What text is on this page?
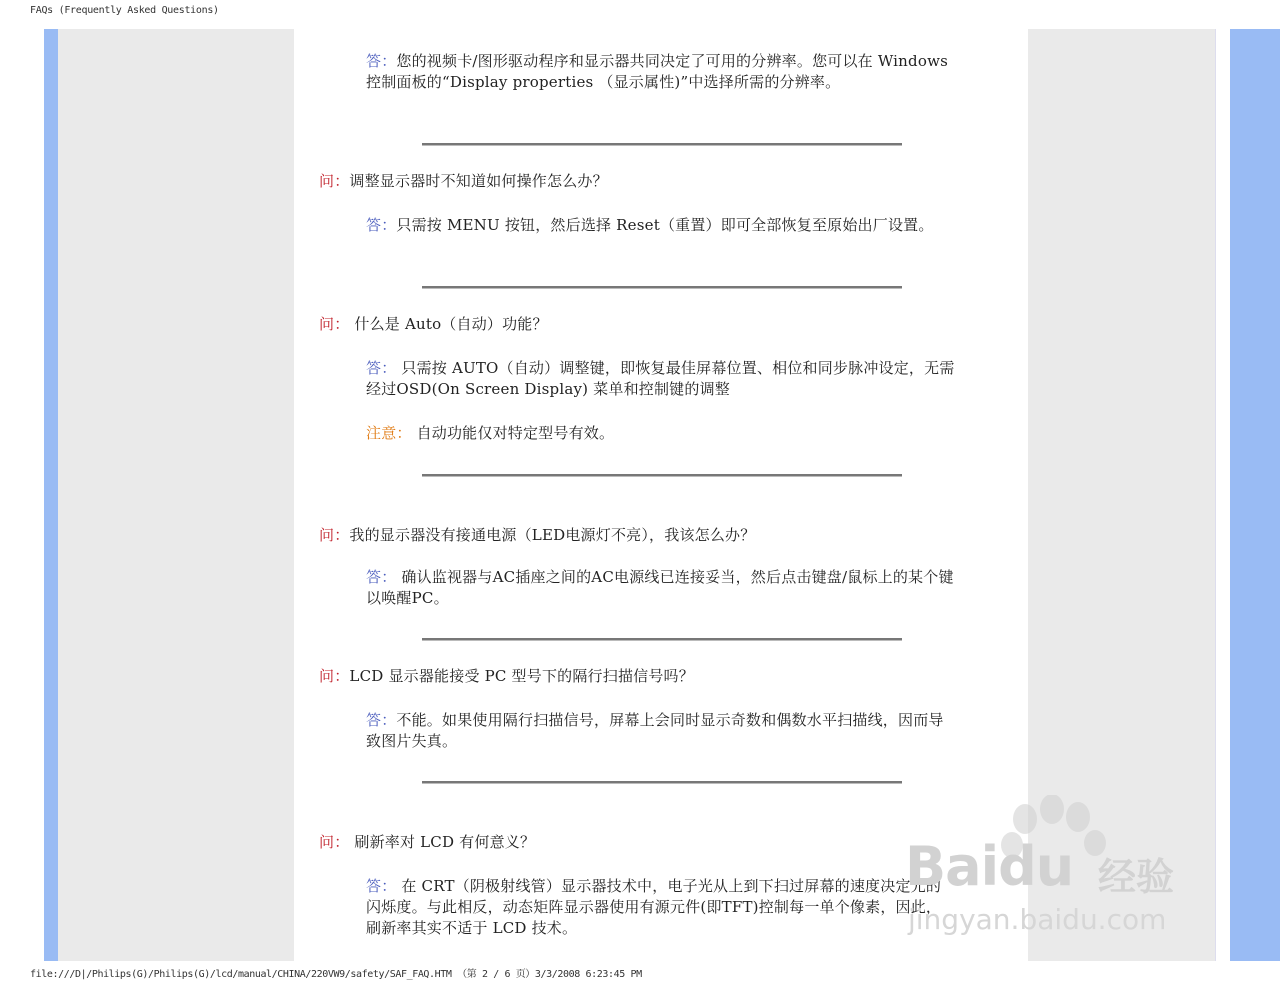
FAQs (Frequently Asked Questions)
答：您的视频卡/图形驱动程序和显示器共同决定了可用的分辨率。您可以在 Windows　 控制面板的“Display properties （显示属性)”中选择所需的分辨率。
问：调整显示器时不知道如何操作怎么办？
答：只需按 MENU 按钮，然后选择 Reset（重置）即可全部恢复至原始出厂设置。
问： 什么是 Auto（自动）功能？
答： 只需按 AUTO（自动）调整键，即恢复最佳屏幕位置、相位和同步脉冲设定，无需经过OSD(On Screen Display) 菜单和控制键的调整
注意： 自动功能仅对特定型号有效。
问：我的显示器没有接通电源（LED电源灯不亮），我该怎么办？
答： 确认监视器与AC插座之间的AC电源线已连接妥当，然后点击键盘/鼠标上的某个键以唤醒PC。
问：LCD 显示器能接受 PC 型号下的隔行扫描信号吗？
答：不能。如果使用隔行扫描信号，屏幕上会同时显示奇数和偶数水平扫描线，因而导致图片失真。
问： 刷新率对 LCD 有何意义？
答： 在 CRT（阴极射线管）显示器技术中，电子光从上到下扫过屏幕的速度决定光的闪烁度。与此相反，动态矩阵显示器使用有源元件(即TFT)控制每一单个像素，因此，刷新率其实不适于 LCD 技术。
Baidu 经验
jingyan.baidu.com
file:///D|/Philips(G)/Philips(G)/lcd/manual/CHINA/220VW9/safety/SAF_FAQ.HTM （第 2 / 6 页）3/3/2008 6:23:45 PM
